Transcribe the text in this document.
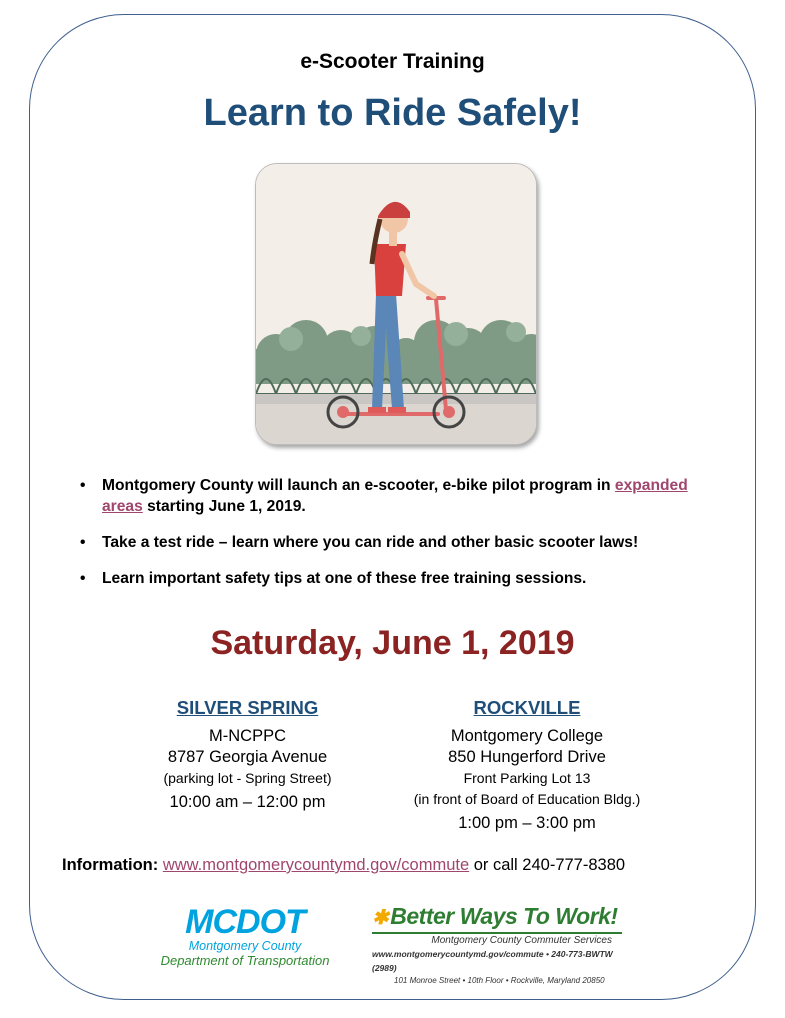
e-Scooter Training
Learn to Ride Safely!
• Montgomery County will launch an e-scooter, e-bike pilot program in expanded areas starting June 1, 2019.
• Take a test ride – learn where you can ride and other basic scooter laws!
• Learn important safety tips at one of these free training sessions.
Saturday, June 1, 2019
SILVER SPRING
M-NCPPC
8787 Georgia Avenue
(parking lot - Spring Street)
10:00 am – 12:00 pm
ROCKVILLE
Montgomery College
850 Hungerford Drive
Front Parking Lot 13
(in front of Board of Education Bldg.)
1:00 pm – 3:00 pm
Information: www.montgomerycountymd.gov/commute or call 240-777-8380
MCDOT
Montgomery County
Department of Transportation
✱Better Ways To Work!
Montgomery County Commuter Services
www.montgomerycountymd.gov/commute • 240-773-BWTW (2989)
101 Monroe Street • 10th Floor • Rockville, Maryland 20850
